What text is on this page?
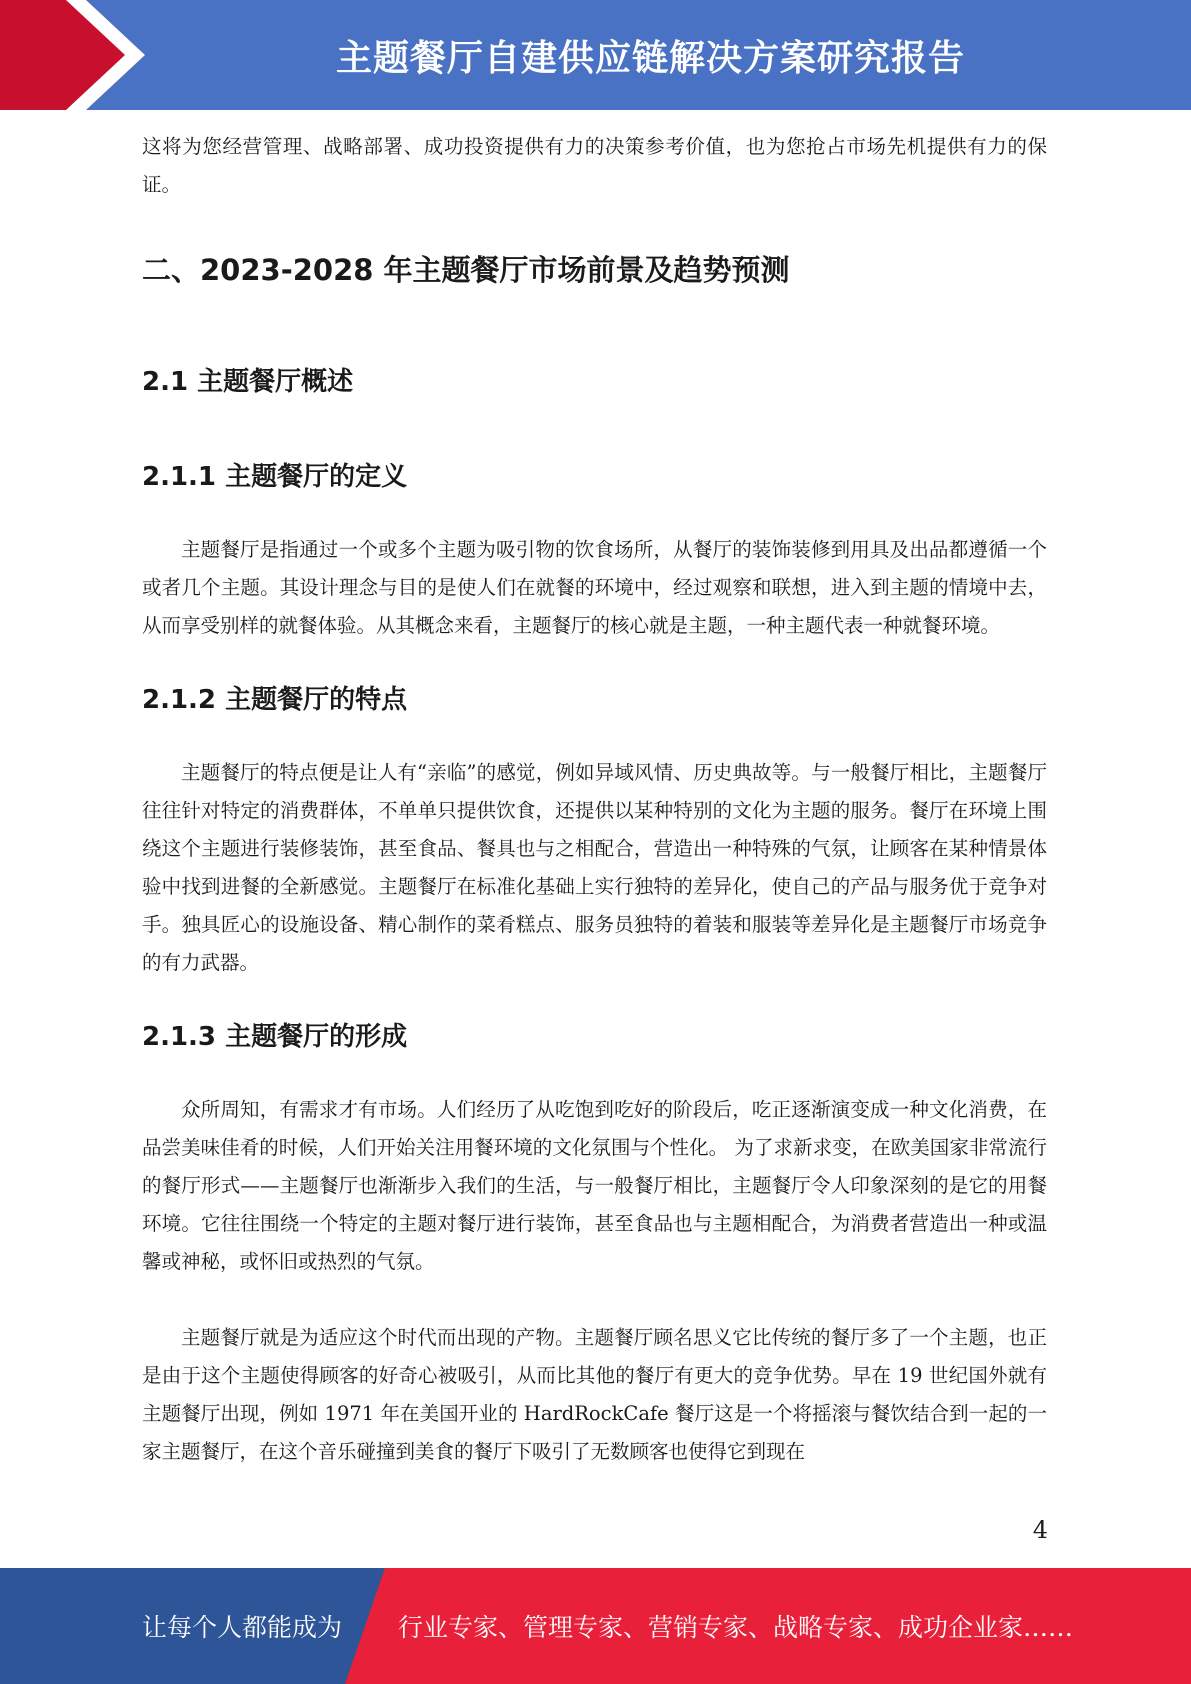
主题餐厅自建供应链解决方案研究报告

这将为您经营管理、战略部署、成功投资提供有力的决策参考价值，也为您抢占市场先机提供有力的保证。

二、2023-2028 年主题餐厅市场前景及趋势预测
2.1 主题餐厅概述
2.1.1 主题餐厅的定义

主题餐厅是指通过一个或多个主题为吸引物的饮食场所，从餐厅的装饰装修到用具及出品都遵循一个或者几个主题。其设计理念与目的是使人们在就餐的环境中，经过观察和联想，进入到主题的情境中去，从而享受别样的就餐体验。从其概念来看，主题餐厅的核心就是主题，一种主题代表一种就餐环境。

2.1.2 主题餐厅的特点

主题餐厅的特点便是让人有“亲临”的感觉，例如异域风情、历史典故等。与一般餐厅相比，主题餐厅往往针对特定的消费群体，不单单只提供饮食，还提供以某种特别的文化为主题的服务。餐厅在环境上围绕这个主题进行装修装饰，甚至食品、餐具也与之相配合，营造出一种特殊的气氛，让顾客在某种情景体验中找到进餐的全新感觉。主题餐厅在标准化基础上实行独特的差异化，使自己的产品与服务优于竞争对手。独具匠心的设施设备、精心制作的菜肴糕点、服务员独特的着装和服装等差异化是主题餐厅市场竞争的有力武器。

2.1.3 主题餐厅的形成

众所周知，有需求才有市场。人们经历了从吃饱到吃好的阶段后，吃正逐渐演变成一种文化消费，在品尝美味佳肴的时候，人们开始关注用餐环境的文化氛围与个性化。 为了求新求变，在欧美国家非常流行的餐厅形式——主题餐厅也渐渐步入我们的生活，与一般餐厅相比，主题餐厅令人印象深刻的是它的用餐环境。它往往围绕一个特定的主题对餐厅进行装饰，甚至食品也与主题相配合，为消费者营造出一种或温馨或神秘，或怀旧或热烈的气氛。

主题餐厅就是为适应这个时代而出现的产物。主题餐厅顾名思义它比传统的餐厅多了一个主题，也正是由于这个主题使得顾客的好奇心被吸引，从而比其他的餐厅有更大的竞争优势。早在 19 世纪国外就有主题餐厅出现，例如 1971 年在美国开业的 HardRockCafe 餐厅这是一个将摇滚与餐饮结合到一起的一家主题餐厅，在这个音乐碰撞到美食的餐厅下吸引了无数顾客也使得它到现在

4
让每个人都能成为 行业专家、管理专家、营销专家、战略专家、成功企业家……
